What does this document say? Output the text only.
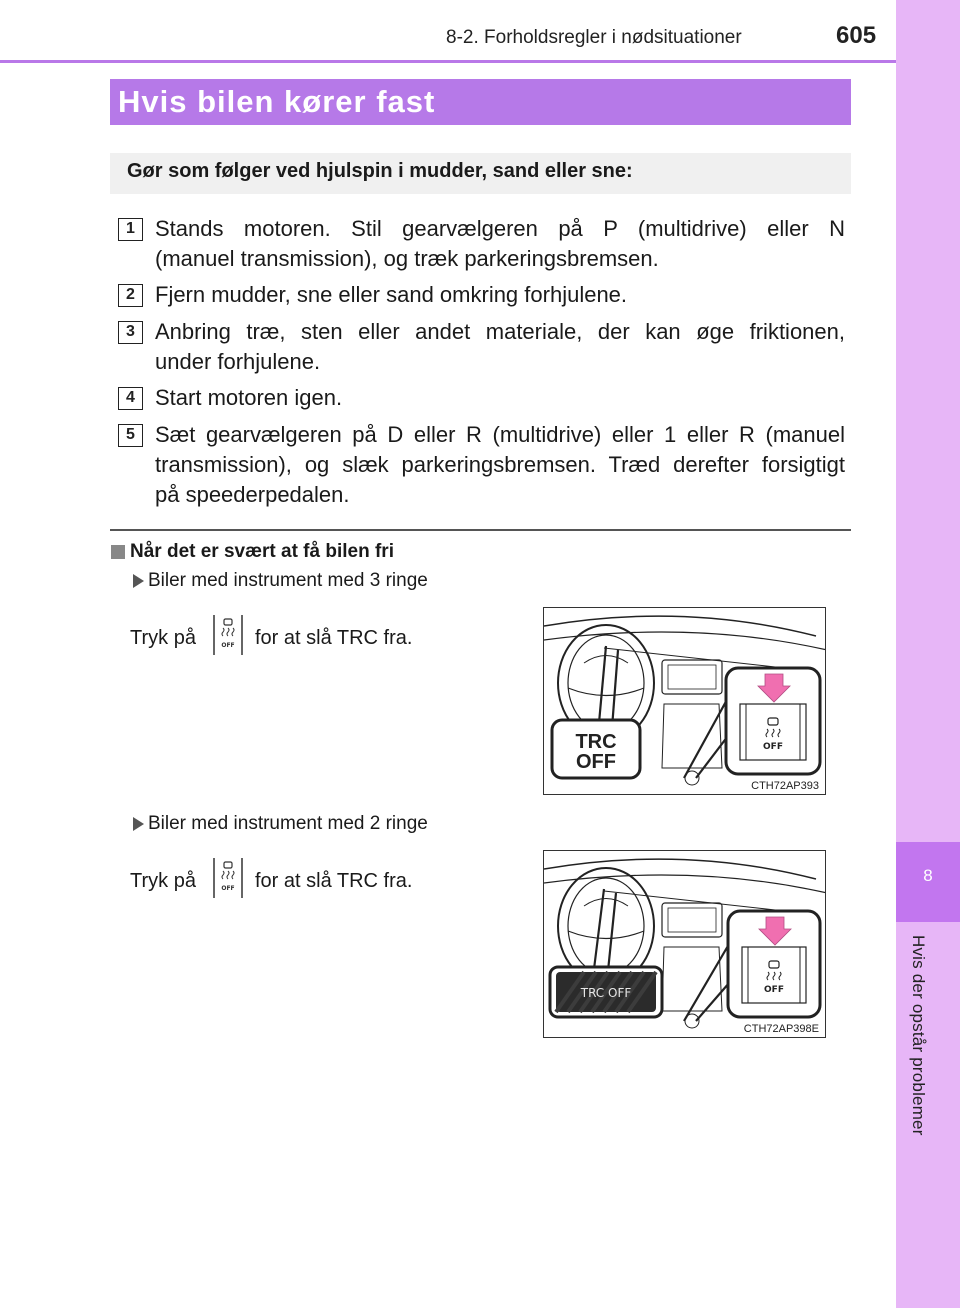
8-2. Forholdsregler i nødsituationer	605
8
Hvis der opstår problemer
Hvis bilen kører fast
Gør som følger ved hjulspin i mudder, sand eller sne:
1 Stands motoren. Stil gearvælgeren på P (multidrive) eller N
(manuel transmission), og træk parkeringsbremsen.
2 Fjern mudder, sne eller sand omkring forhjulene.
3 Anbring træ, sten eller andet materiale, der kan øge friktionen,
under forhjulene.
4 Start motoren igen.
5 Sæt gearvælgeren på D eller R (multidrive) eller 1 eller R (manuel
transmission), og slæk parkeringsbremsen. Træd derefter forsigtigt
på speederpedalen.
Når det er svært at få bilen fri
Biler med instrument med 3 ringe
Tryk på	OFF for at slå TRC fra.
TRC
OFF
OFF
CTH72AP393
Biler med instrument med 2 ringe
Tryk på	OFF for at slå TRC fra.
TRC OFF	OFF
CTH72AP398E
